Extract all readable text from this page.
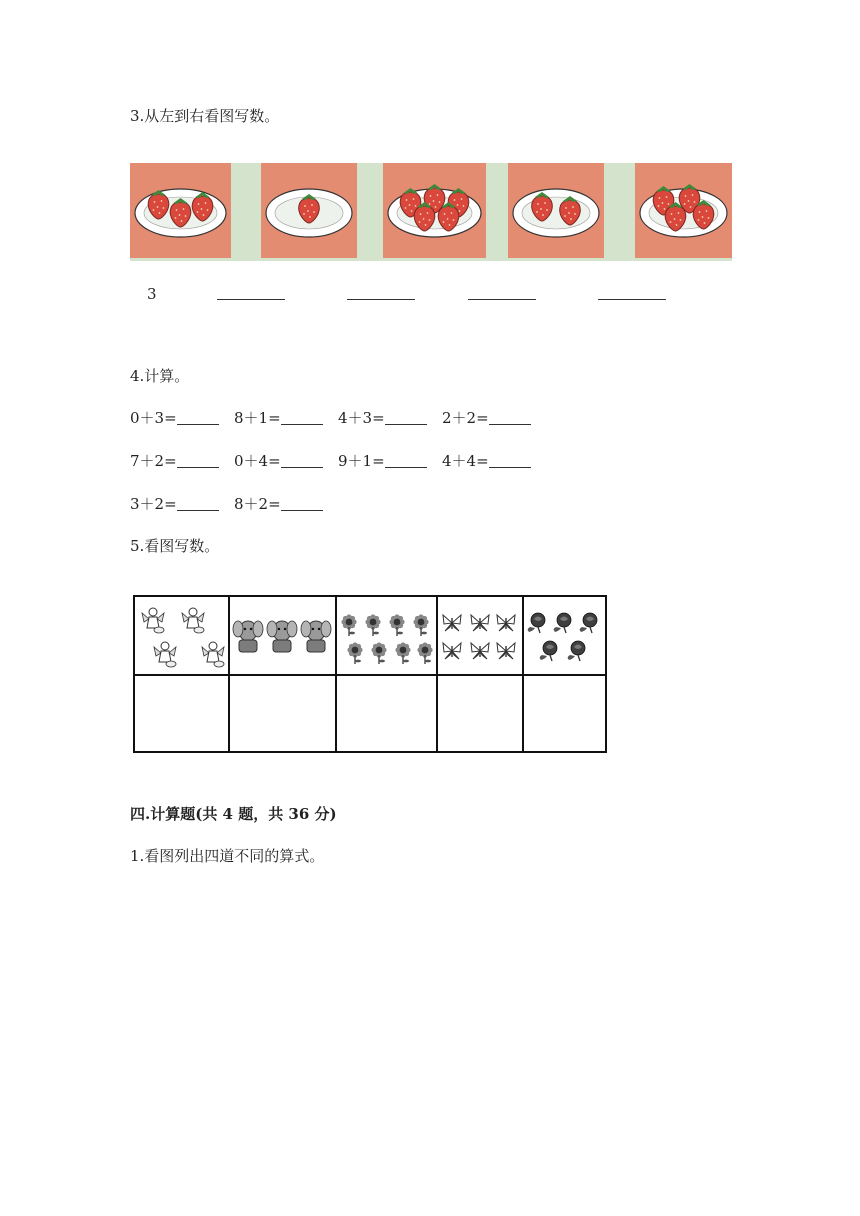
3.从左到右看图写数。
3
4.计算。
0＋3=	8＋1=	4＋3=	2＋2=
7＋2=	0＋4=	9＋1=	4＋4=
3＋2=	8＋2=
5.看图写数。
四.计算题(共 4 题，共 36 分)
1.看图列出四道不同的算式。
